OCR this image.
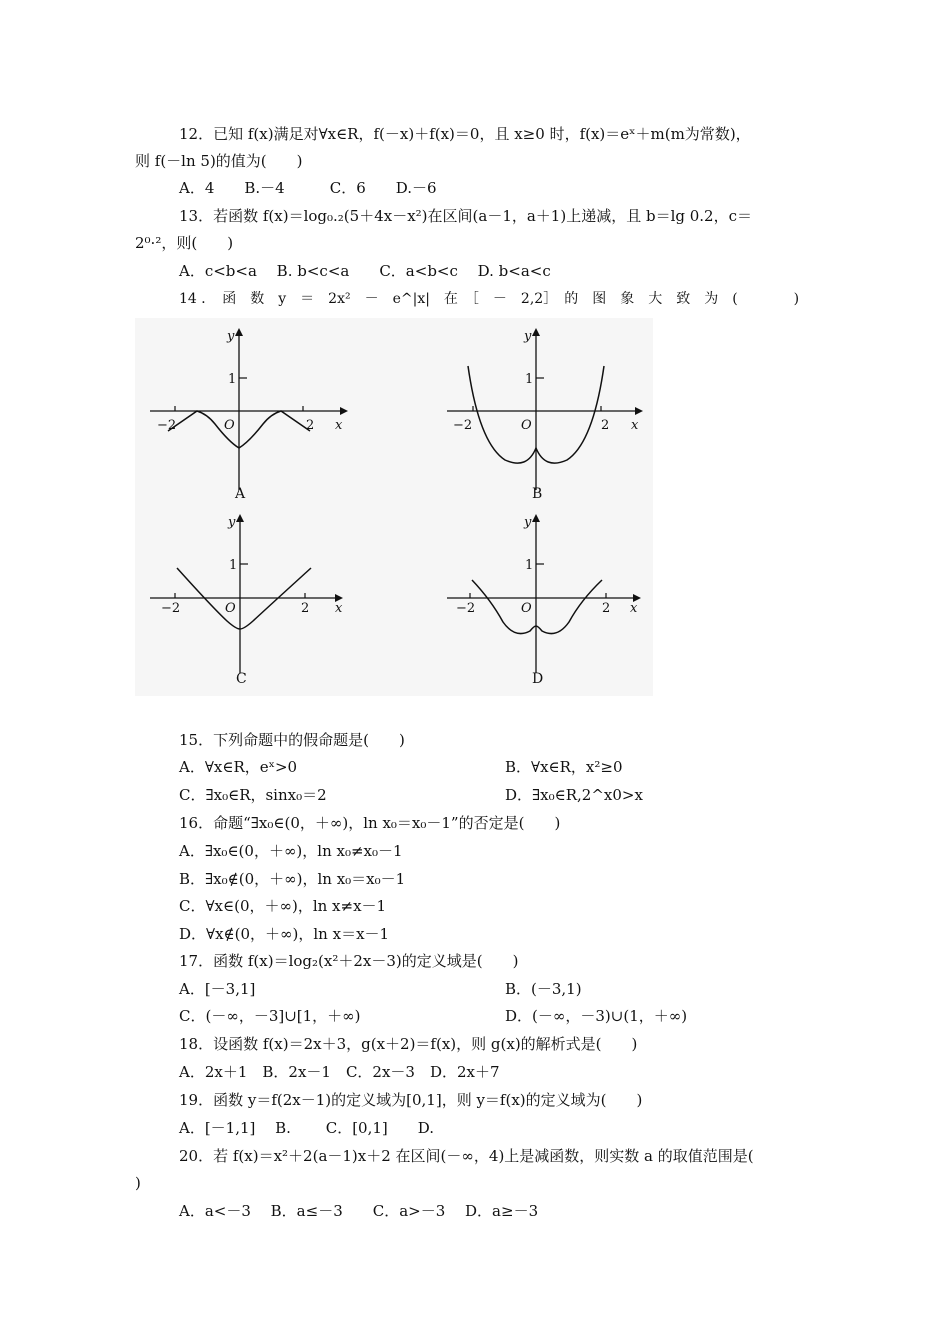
12．已知 f(x)满足对∀x∈R，f(－x)＋f(x)＝0，且 x≥0 时，f(x)＝eˣ＋m(m为常数)，
则 f(－ln 5)的值为(　　)
A．4　　B.－4　　　C．6　　D.－6
13．若函数 f(x)＝log₀.₂(5＋4x－x²)在区间(a－1，a＋1)上递减，且 b＝lg 0.2，c＝
2⁰·²，则(　　)
A．c<b<a　 B. b<c<a　　C．a<b<c　 D. b<a<c
14 ．　函　数　y　＝　2x²　－　e^|x|　在　［　－　2,2］　的　图　象　大　致　为　(　　　　)
y
x
O
1
−2	2
A
y
x
O
1
−2	2
B
y
x
O
1
−2	2
C
y
x
O
1
−2	2
D
15．下列命题中的假命题是(　　)
A．∀x∈R，eˣ>0	B．∀x∈R，x²≥0
C．∃x₀∈R，sinx₀＝2	D．∃x₀∈R,2^x0>x
16．命题“∃x₀∈(0，＋∞)，ln x₀＝x₀－1”的否定是(　　)
A．∃x₀∈(0，＋∞)，ln x₀≠x₀－1
B．∃x₀∉(0，＋∞)，ln x₀＝x₀－1
C．∀x∈(0，＋∞)，ln x≠x－1
D．∀x∉(0，＋∞)，ln x＝x－1
17．函数 f(x)＝log₂(x²＋2x－3)的定义域是(　　)
A．[－3,1]	B．(－3,1)
C．(－∞，－3]∪[1，＋∞)	D．(－∞，－3)∪(1，＋∞)
18．设函数 f(x)＝2x＋3，g(x＋2)＝f(x)，则 g(x)的解析式是(　　)
A．2x＋1　B．2x－1　C．2x－3　D．2x＋7
19．函数 y＝f(2x－1)的定义域为[0,1]，则 y＝f(x)的定义域为(　　)
A．[－1,1]　 B.　　 C．[0,1]　　D.
20．若 f(x)＝x²＋2(a－1)x＋2 在区间(－∞，4)上是减函数，则实数 a 的取值范围是(
)
A．a<－3　 B．a≤－3　　C．a>－3　 D．a≥－3
